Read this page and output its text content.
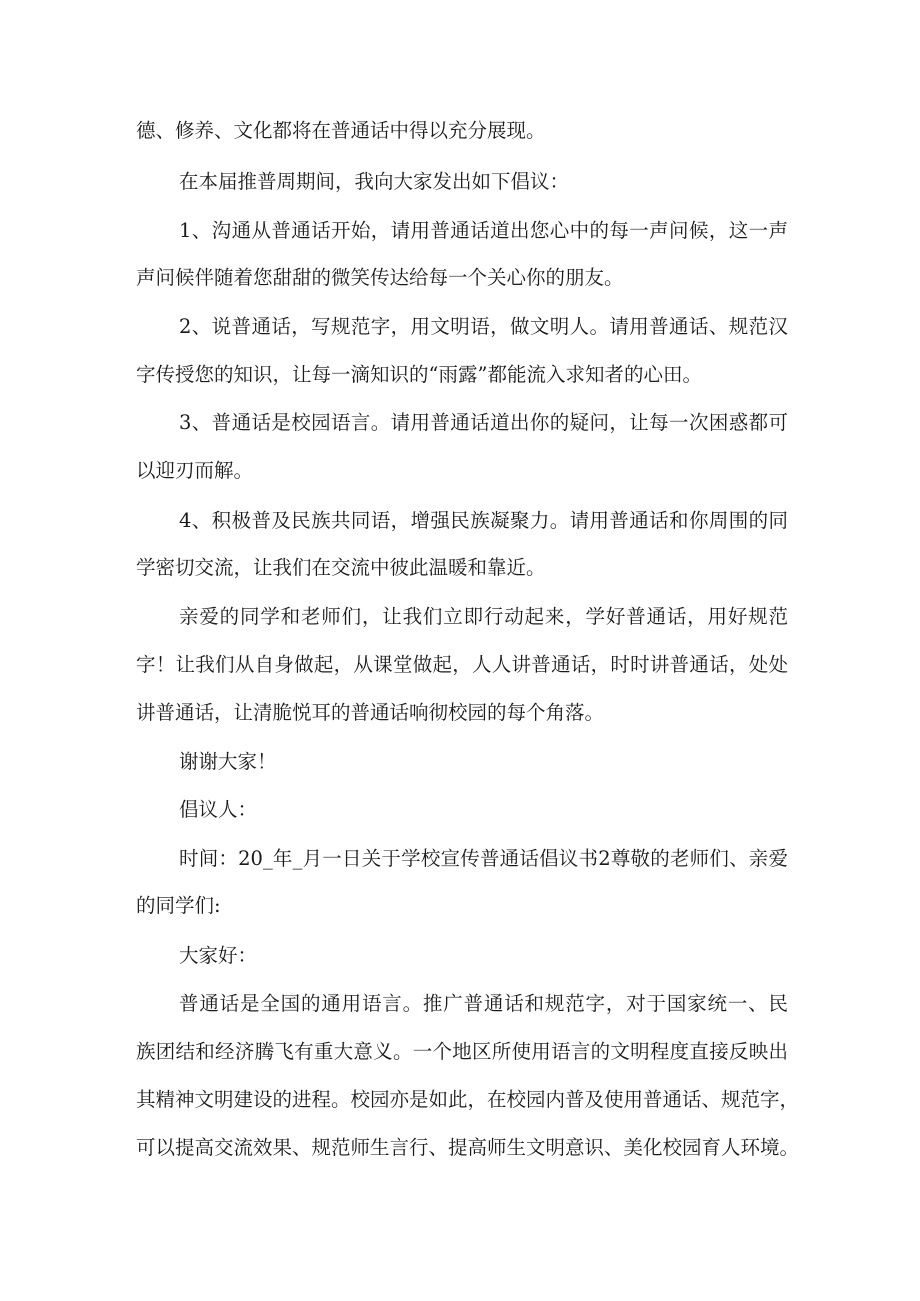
德、修养、文化都将在普通话中得以充分展现。
在本届推普周期间，我向大家发出如下倡议：
1、沟通从普通话开始，请用普通话道出您心中的每一声问候，这一声
声问候伴随着您甜甜的微笑传达给每一个关心你的朋友。
2、说普通话，写规范字，用文明语，做文明人。请用普通话、规范汉
字传授您的知识，让每一滴知识的“雨露”都能流入求知者的心田。
3、普通话是校园语言。请用普通话道出你的疑问，让每一次困惑都可
以迎刃而解。
4、积极普及民族共同语，增强民族凝聚力。请用普通话和你周围的同
学密切交流，让我们在交流中彼此温暖和靠近。
亲爱的同学和老师们，让我们立即行动起来，学好普通话，用好规范
字！让我们从自身做起，从课堂做起，人人讲普通话，时时讲普通话，处处
讲普通话，让清脆悦耳的普通话响彻校园的每个角落。
谢谢大家！
倡议人：
时间：20_年_月一日关于学校宣传普通话倡议书2尊敬的老师们、亲爱
的同学们:
大家好：
普通话是全国的通用语言。推广普通话和规范字，对于国家统一、民
族团结和经济腾飞有重大意义。一个地区所使用语言的文明程度直接反映出
其精神文明建设的进程。校园亦是如此，在校园内普及使用普通话、规范字，
可以提高交流效果、规范师生言行、提高师生文明意识、美化校园育人环境。
